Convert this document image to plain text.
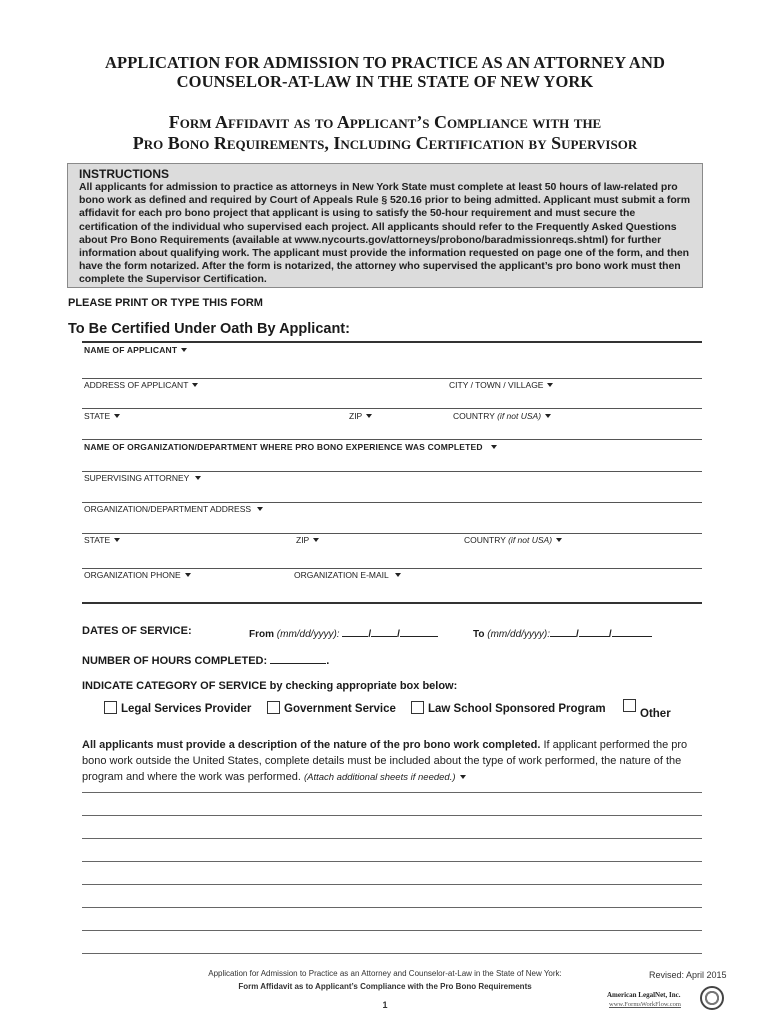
APPLICATION FOR ADMISSION TO PRACTICE AS AN ATTORNEY AND
COUNSELOR-AT-LAW IN THE STATE OF NEW YORK
Form Affidavit as to Applicant’s Compliance with the
Pro Bono Requirements, Including Certification by Supervisor
INSTRUCTIONS

All applicants for admission to practice as attorneys in New York State must complete at least 50 hours of law-related pro bono work as defined and required by Court of Appeals Rule § 520.16 prior to being admitted. Applicant must submit a form affidavit for each pro bono project that applicant is using to satisfy the 50-hour requirement and must secure the certification of the individual who supervised each project. All applicants should refer to the Frequently Asked Questions about Pro Bono Requirements (available at www.nycourts.gov/attorneys/probono/baradmissionreqs.shtml) for further information about qualifying work. The applicant must provide the information requested on page one of the form, and then have the form notarized. After the form is notarized, the attorney who supervised the applicant’s pro bono work must then complete the Supervisor Certification.

PLEASE PRINT OR TYPE THIS FORM
To Be Certified Under Oath By Applicant:
NAME OF APPLICANT
ADDRESS OF APPLICANT	CITY / TOWN / VILLAGE
STATE	ZIP	COUNTRY (if not USA)
NAME OF ORGANIZATION/DEPARTMENT WHERE PRO BONO EXPERIENCE WAS COMPLETED
SUPERVISING ATTORNEY
ORGANIZATION/DEPARTMENT ADDRESS
STATE	ZIP	COUNTRY (if not USA)
ORGANIZATION PHONE	ORGANIZATION E-MAIL
DATES OF SERVICE:	From (mm/dd/yyyy):	/	/	To (mm/dd/yyyy):	/	/
NUMBER OF HOURS COMPLETED:	.
INDICATE CATEGORY OF SERVICE by checking appropriate box below:
Legal Services Provider	Government Service	Law School Sponsored Program	Other
All applicants must provide a description of the nature of the pro bono work completed. If applicant performed the pro bono work outside the United States, complete details must be included about the type of work performed, the nature of the program and where the work was performed. (Attach additional sheets if needed.)
Application for Admission to Practice as an Attorney and Counselor-at-Law in the State of New York:
Form Affidavit as to Applicant’s Compliance with the Pro Bono Requirements
1
Revised: April 2015
American LegalNet, Inc.
www.FormsWorkFlow.com
